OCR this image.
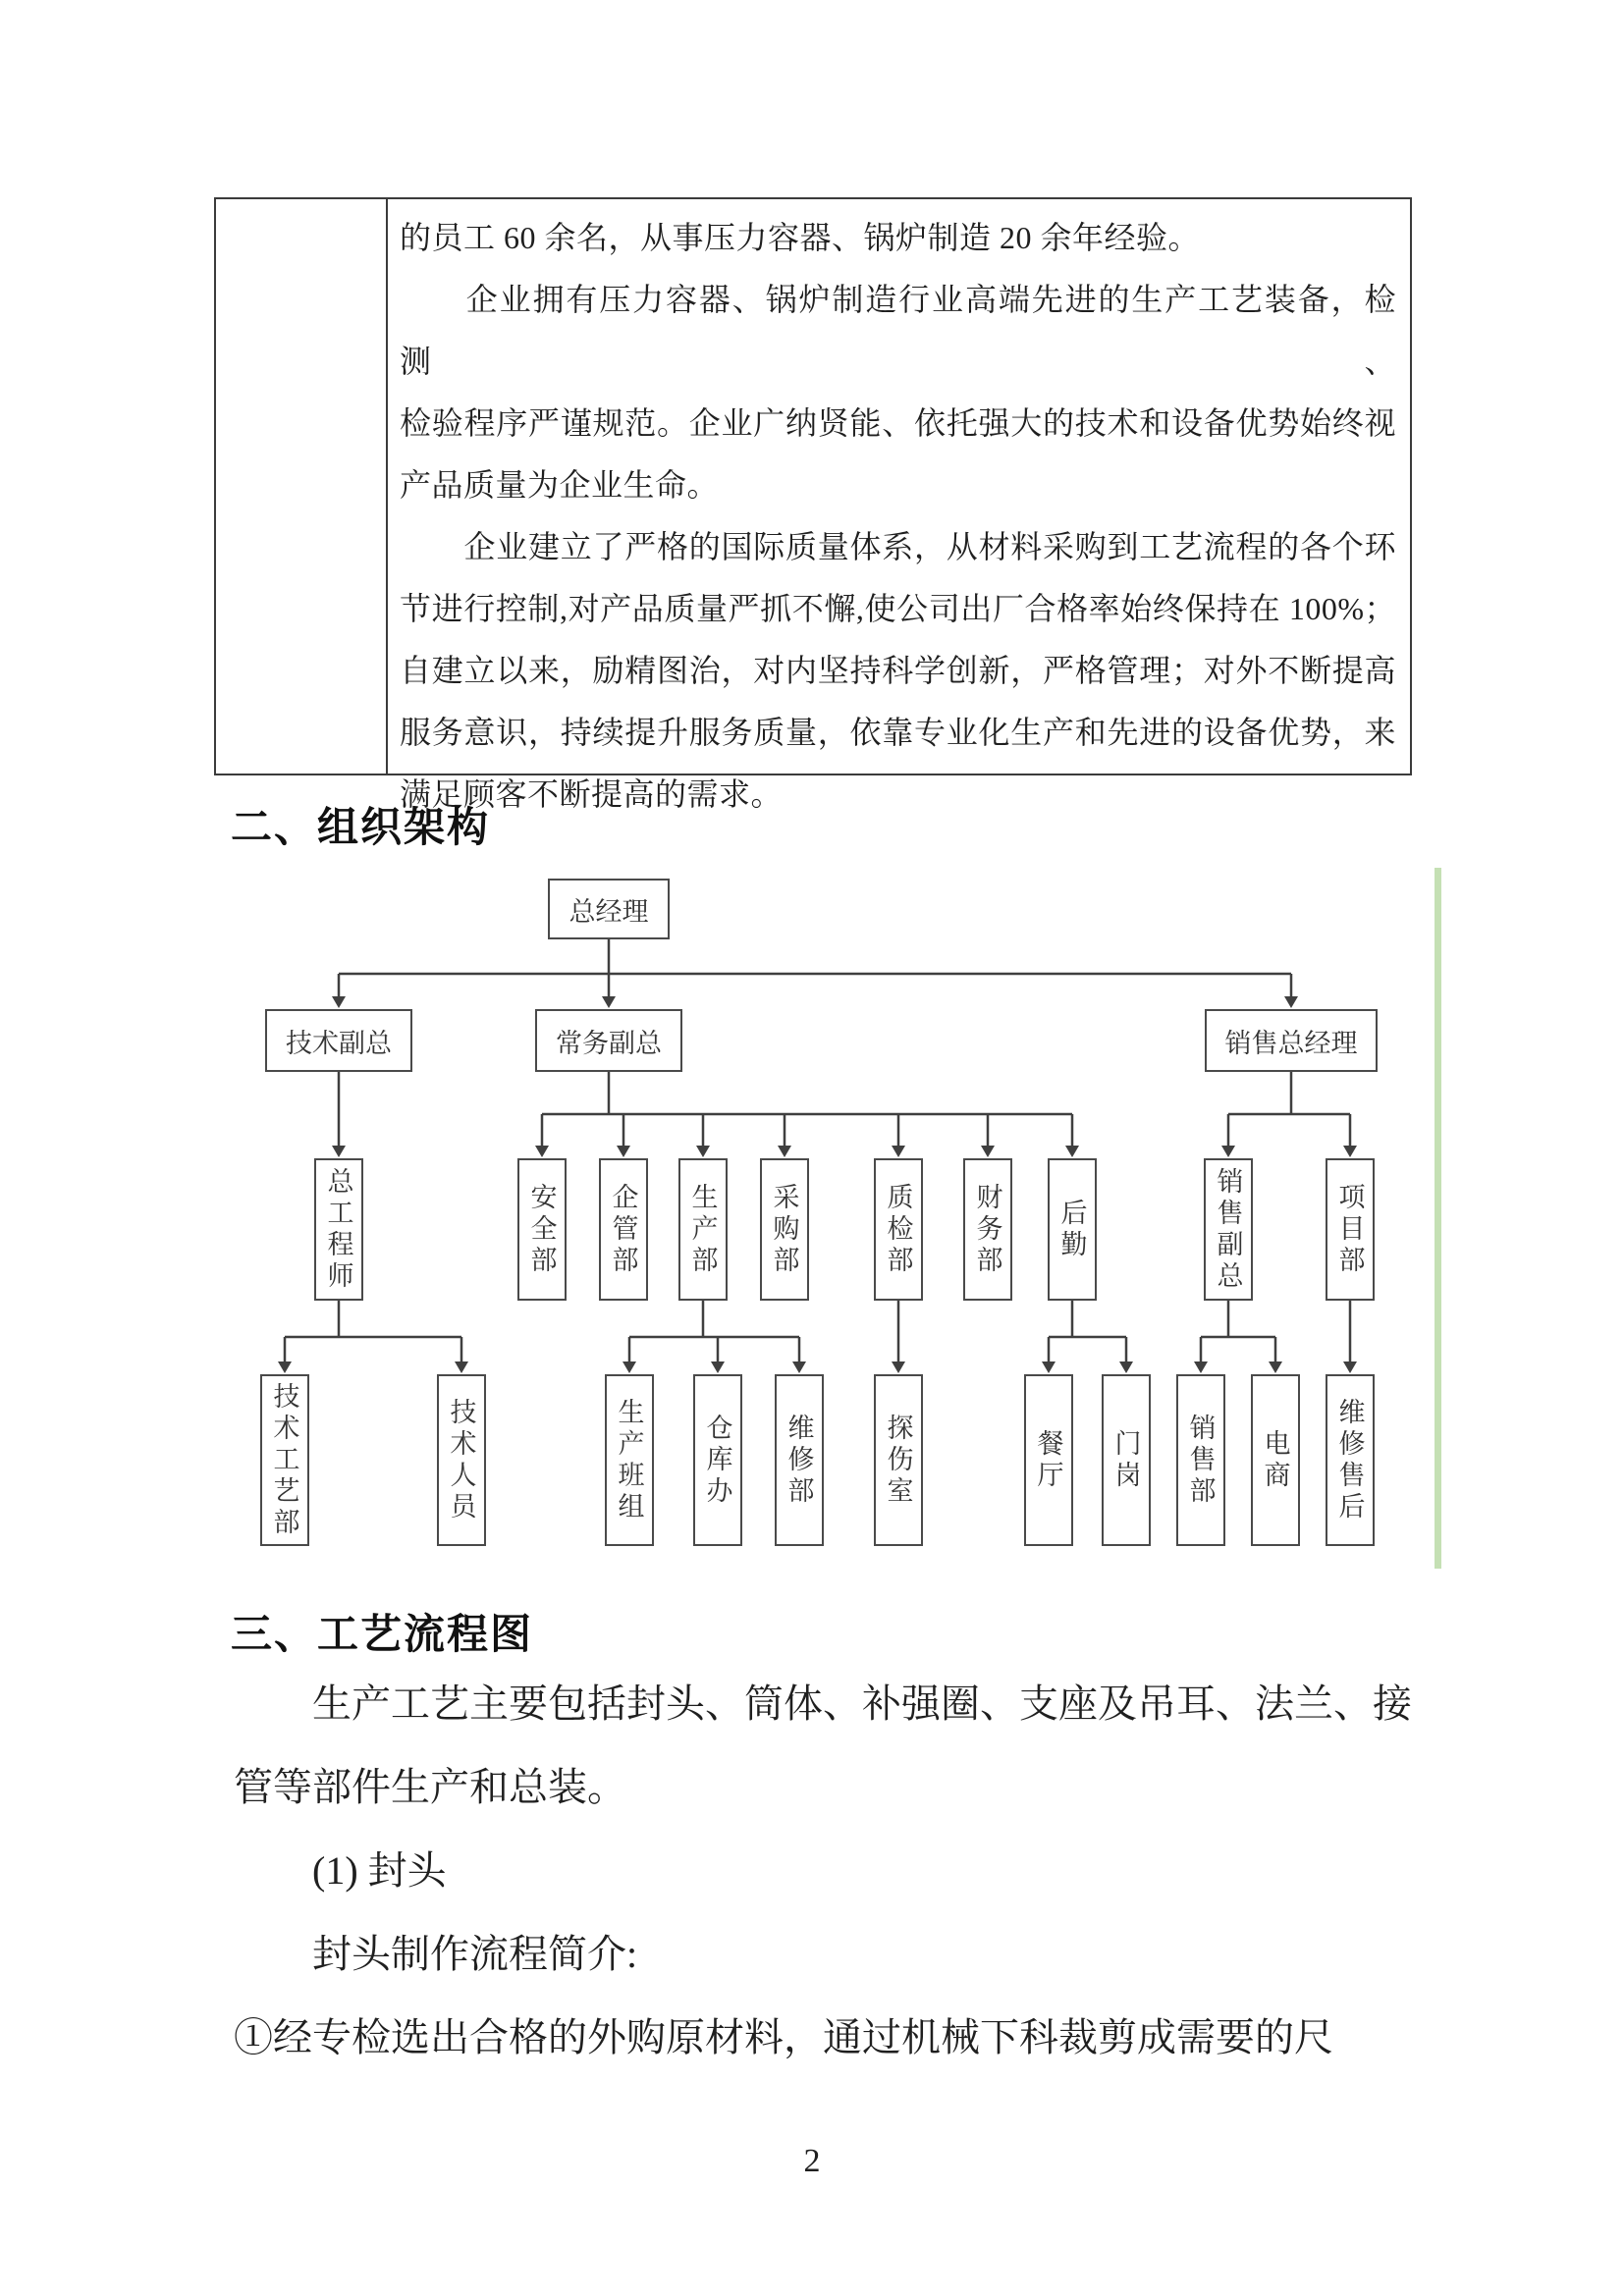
的员工 60 余名，从事压力容器、锅炉制造 20 余年经验。
　　企业拥有压力容器、锅炉制造行业高端先进的生产工艺装备，检测、
检验程序严谨规范。企业广纳贤能、依托强大的技术和设备优势始终视
产品质量为企业生命。
　　企业建立了严格的国际质量体系，从材料采购到工艺流程的各个环
节进行控制,对产品质量严抓不懈,使公司出厂合格率始终保持在 100%；
自建立以来，励精图治，对内坚持科学创新，严格管理；对外不断提高
服务意识，持续提升服务质量，依靠专业化生产和先进的设备优势，来
满足顾客不断提高的需求。
二、组织架构
总经理
技术副总	常务副总	销售总经理
总工程师	安全部	企管部	生产部	采购部	质检部	财务部	后勤	销售副总	项目部
技术工艺部	技术人员	生产班组	仓库办	维修部	探伤室	餐厅	门岗	销售部	电商	维修售后
三、工艺流程图
生产工艺主要包括封头、筒体、补强圈、支座及吊耳、法兰、接
管等部件生产和总装。
(1) 封头
封头制作流程简介:
①经专检选出合格的外购原材料，通过机械下科裁剪成需要的尺
2
